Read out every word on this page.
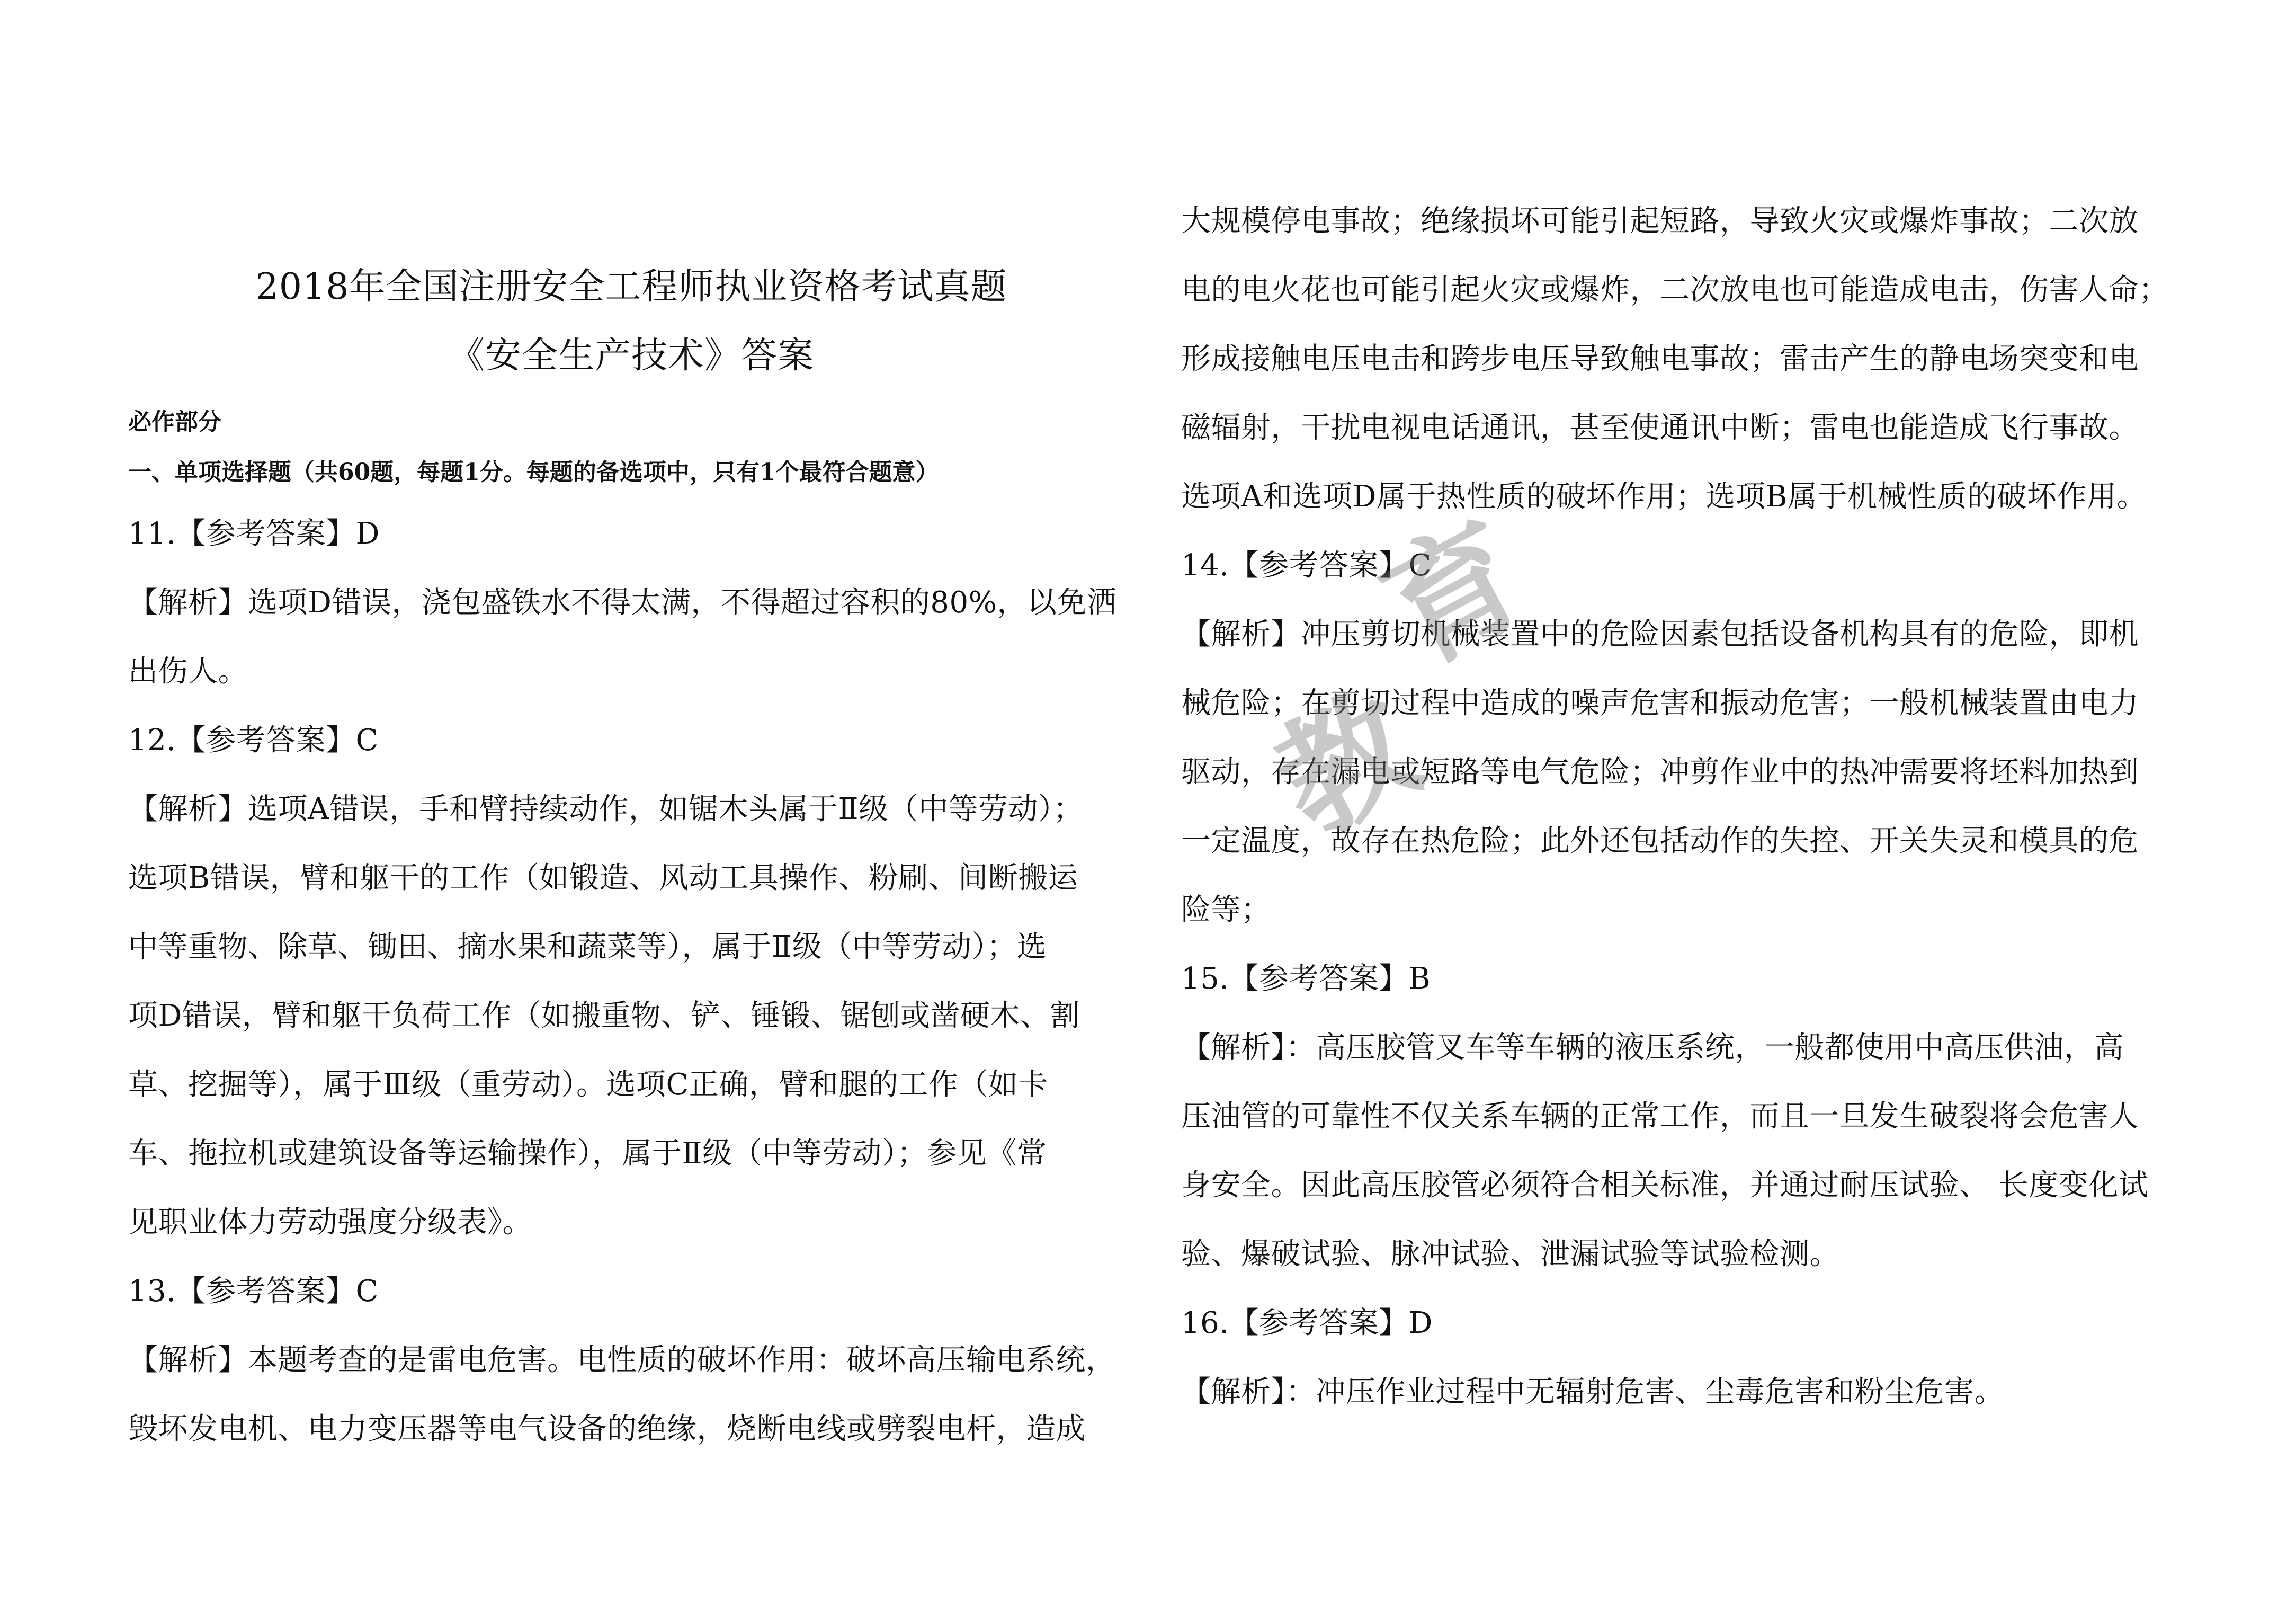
2018年全国注册安全工程师执业资格考试真题
《安全生产技术》答案
必作部分
一、单项选择题（共60题，每题1分。每题的备选项中，只有1个最符合题意）
11.【参考答案】D
【解析】选项D错误，浇包盛铁水不得太满，不得超过容积的80%，以免洒
出伤人。
12.【参考答案】C
【解析】选项A错误，手和臂持续动作，如锯木头属于Ⅱ级（中等劳动）；
选项B错误，臂和躯干的工作（如锻造、风动工具操作、粉刷、间断搬运
中等重物、除草、锄田、摘水果和蔬菜等），属于Ⅱ级（中等劳动）；选
项D错误，臂和躯干负荷工作（如搬重物、铲、锤锻、锯刨或凿硬木、割
草、挖掘等），属于Ⅲ级（重劳动）。选项C正确，臂和腿的工作（如卡
车、拖拉机或建筑设备等运输操作），属于Ⅱ级（中等劳动）；参见《常
见职业体力劳动强度分级表》。
13.【参考答案】C
【解析】本题考查的是雷电危害。电性质的破坏作用：破坏高压输电系统，
毁坏发电机、电力变压器等电气设备的绝缘，烧断电线或劈裂电杆，造成
大规模停电事故；绝缘损坏可能引起短路，导致火灾或爆炸事故；二次放
电的电火花也可能引起火灾或爆炸，二次放电也可能造成电击，伤害人命；
形成接触电压电击和跨步电压导致触电事故；雷击产生的静电场突变和电
磁辐射，干扰电视电话通讯，甚至使通讯中断；雷电也能造成飞行事故。
选项A和选项D属于热性质的破坏作用；选项B属于机械性质的破坏作用。
14.【参考答案】C
【解析】冲压剪切机械装置中的危险因素包括设备机构具有的危险，即机
械危险；在剪切过程中造成的噪声危害和振动危害；一般机械装置由电力
驱动，存在漏电或短路等电气危险；冲剪作业中的热冲需要将坯料加热到
一定温度，故存在热危险；此外还包括动作的失控、开关失灵和模具的危
险等；
15.【参考答案】B
【解析】：高压胶管叉车等车辆的液压系统，一般都使用中高压供油，高
压油管的可靠性不仅关系车辆的正常工作，而且一旦发生破裂将会危害人
身安全。因此高压胶管必须符合相关标准，并通过耐压试验、 长度变化试
验、爆破试验、脉冲试验、泄漏试验等试验检测。
16.【参考答案】D
【解析】：冲压作业过程中无辐射危害、尘毒危害和粉尘危害。
教
育
